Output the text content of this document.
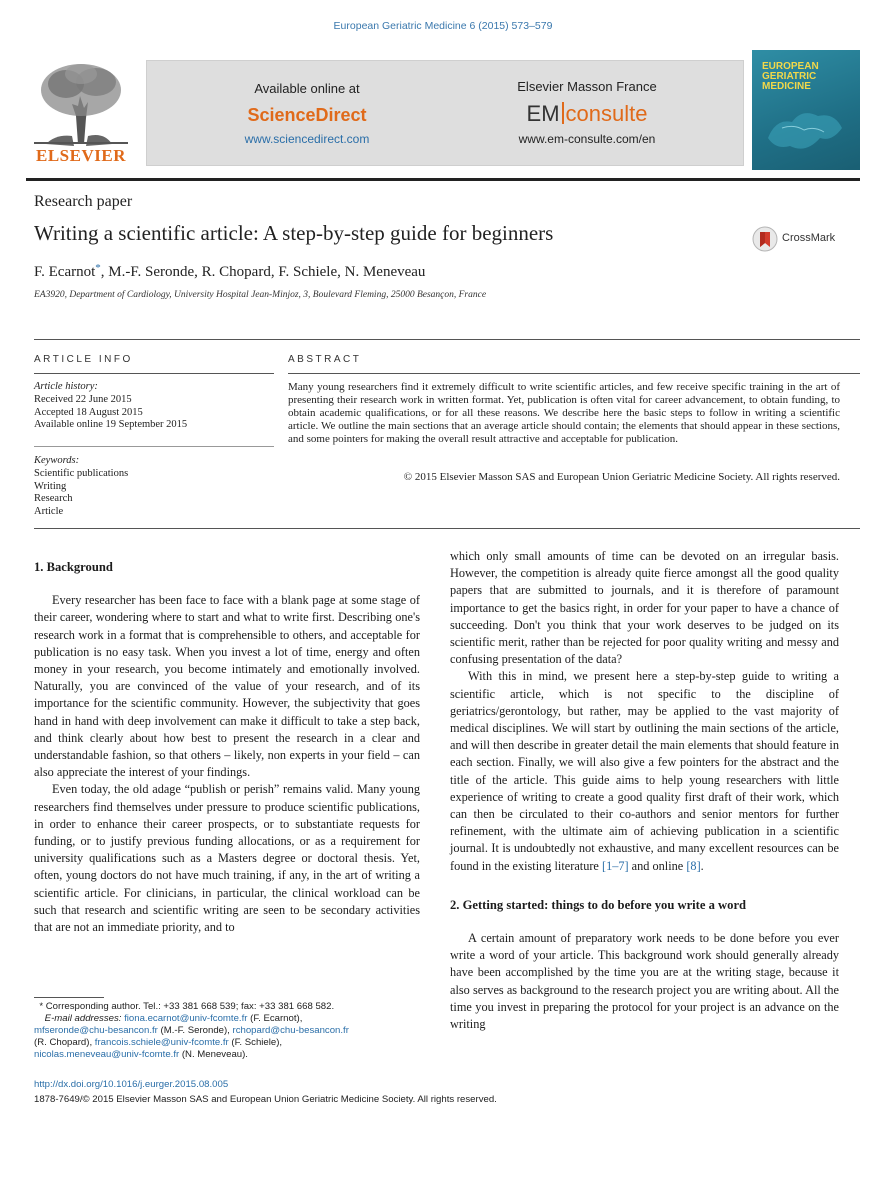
European Geriatric Medicine 6 (2015) 573–579
ELSEVIER
Available online at
ScienceDirect
www.sciencedirect.com
Elsevier Masson France
EM consulte
www.em-consulte.com/en
EUROPEAN
GERIATRIC
MEDICINE
Research paper
Writing a scientific article: A step-by-step guide for beginners	CrossMark
F. Ecarnot*, M.-F. Seronde, R. Chopard, F. Schiele, N. Meneveau
EA3920, Department of Cardiology, University Hospital Jean-Minjoz, 3, Boulevard Fleming, 25000 Besançon, France
ARTICLE INFO	ABSTRACT
Article history:
Received 22 June 2015
Accepted 18 August 2015
Available online 19 September 2015
Keywords:
Scientific publications
Writing
Research
Article
Many young researchers find it extremely difficult to write scientific articles, and few receive specific training in the art of presenting their research work in written format. Yet, publication is often vital for career advancement, to obtain funding, to obtain academic qualifications, or for all these reasons. We describe here the basic steps to follow in writing a scientific article. We outline the main sections that an average article should contain; the elements that should appear in these sections, and some pointers for making the overall result attractive and acceptable for publication.
© 2015 Elsevier Masson SAS and European Union Geriatric Medicine Society. All rights reserved.
1. Background

Every researcher has been face to face with a blank page at some stage of their career, wondering where to start and what to write first. Describing one's research work in a format that is comprehensible to others, and acceptable for publication is no easy task. When you invest a lot of time, energy and often money in your research, you become intimately and emotionally involved. Naturally, you are convinced of the value of your research, and of its importance for the scientific community. However, the subjectivity that goes hand in hand with deep involvement can make it difficult to take a step back, and think clearly about how best to present the research in a clear and understandable fashion, so that others – likely, non experts in your field – can also appreciate the interest of your findings.

Even today, the old adage “publish or perish” remains valid. Many young researchers find themselves under pressure to produce scientific publications, in order to enhance their career prospects, or to substantiate requests for funding, or to justify previous funding allocations, or as a requirement for university qualifications such as a Masters degree or doctoral thesis. Yet, often, young doctors do not have much training, if any, in the art of writing a scientific article. For clinicians, in particular, the clinical workload can be such that research and scientific writing are seen to be secondary activities that are not an immediate priority, and to

which only small amounts of time can be devoted on an irregular basis. However, the competition is already quite fierce amongst all the good quality papers that are submitted to journals, and it is therefore of paramount importance to get the basics right, in order for your paper to have a chance of succeeding. Don't you think that your work deserves to be judged on its scientific merit, rather than be rejected for poor quality writing and messy and confusing presentation of the data?

With this in mind, we present here a step-by-step guide to writing a scientific article, which is not specific to the discipline of geriatrics/gerontology, but rather, may be applied to the vast majority of medical disciplines. We will start by outlining the main sections of the article, and will then describe in greater detail the main elements that should feature in each section. Finally, we will also give a few pointers for the abstract and the title of the article. This guide aims to help young researchers with little experience of writing to create a good quality first draft of their work, which can then be circulated to their co-authors and senior mentors for further refinement, with the ultimate aim of achieving publication in a scientific journal. It is undoubtedly not exhaustive, and many excellent resources can be found in the existing literature [1–7] and online [8].

2. Getting started: things to do before you write a word

A certain amount of preparatory work needs to be done before you ever write a word of your article. This background work should generally already have been accomplished by the time you are at the writing stage, because it also serves as background to the research project you are writing about. All the time you invest in preparing the protocol for your project is an advance on the writing

* Corresponding author. Tel.: +33 381 668 539; fax: +33 381 668 582.
E-mail addresses: fiona.ecarnot@univ-fcomte.fr (F. Ecarnot),
mfseronde@chu-besancon.fr (M.-F. Seronde), rchopard@chu-besancon.fr
(R. Chopard), francois.schiele@univ-fcomte.fr (F. Schiele),
nicolas.meneveau@univ-fcomte.fr (N. Meneveau).
http://dx.doi.org/10.1016/j.eurger.2015.08.005
1878-7649/© 2015 Elsevier Masson SAS and European Union Geriatric Medicine Society. All rights reserved.
